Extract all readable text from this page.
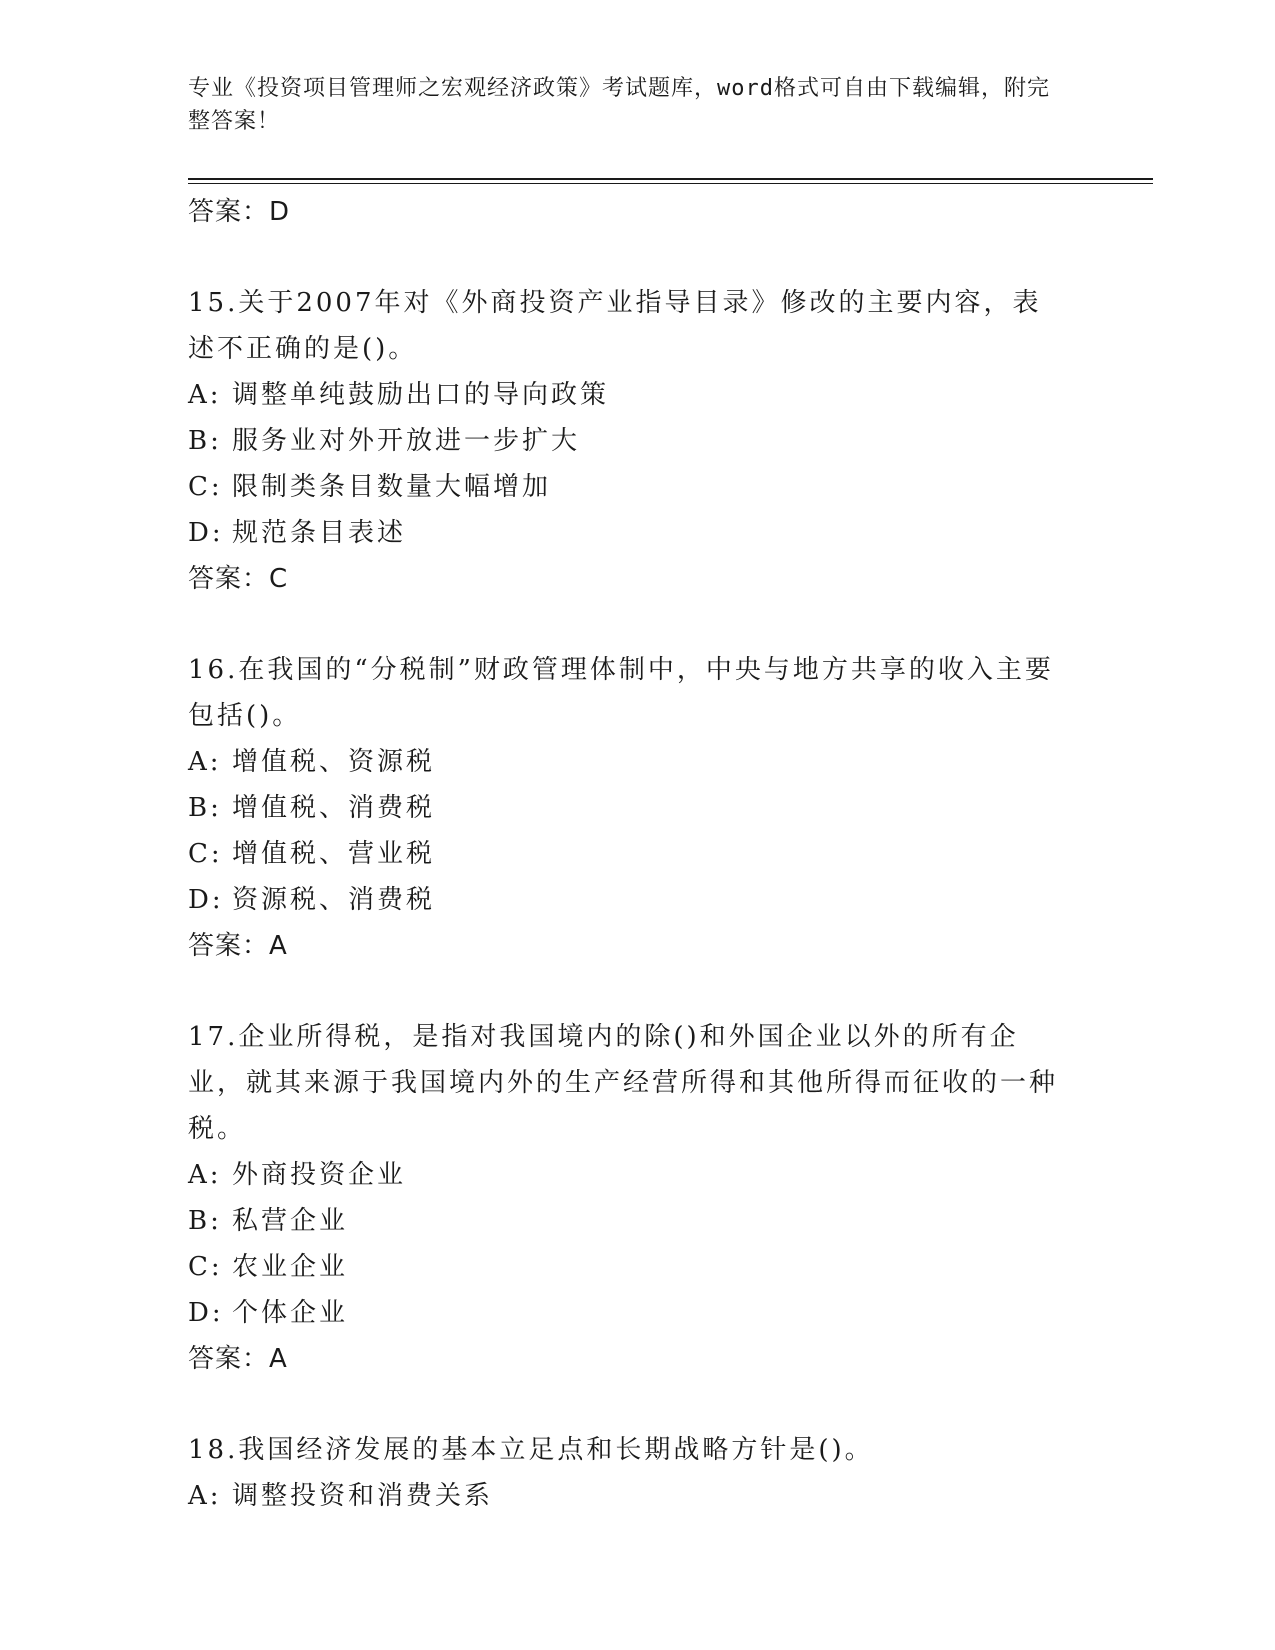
专业《投资项目管理师之宏观经济政策》考试题库，word格式可自由下载编辑，附完整答案！
答案：D
15.关于2007年对《外商投资产业指导目录》修改的主要内容，表述不正确的是()。
A: 调整单纯鼓励出口的导向政策
B: 服务业对外开放进一步扩大
C: 限制类条目数量大幅增加
D: 规范条目表述
答案：C
16.在我国的“分税制”财政管理体制中，中央与地方共享的收入主要包括()。
A: 增值税、资源税
B: 增值税、消费税
C: 增值税、营业税
D: 资源税、消费税
答案：A
17.企业所得税，是指对我国境内的除()和外国企业以外的所有企业，就其来源于我国境内外的生产经营所得和其他所得而征收的一种税。
A: 外商投资企业
B: 私营企业
C: 农业企业
D: 个体企业
答案：A
18.我国经济发展的基本立足点和长期战略方针是()。
A: 调整投资和消费关系
